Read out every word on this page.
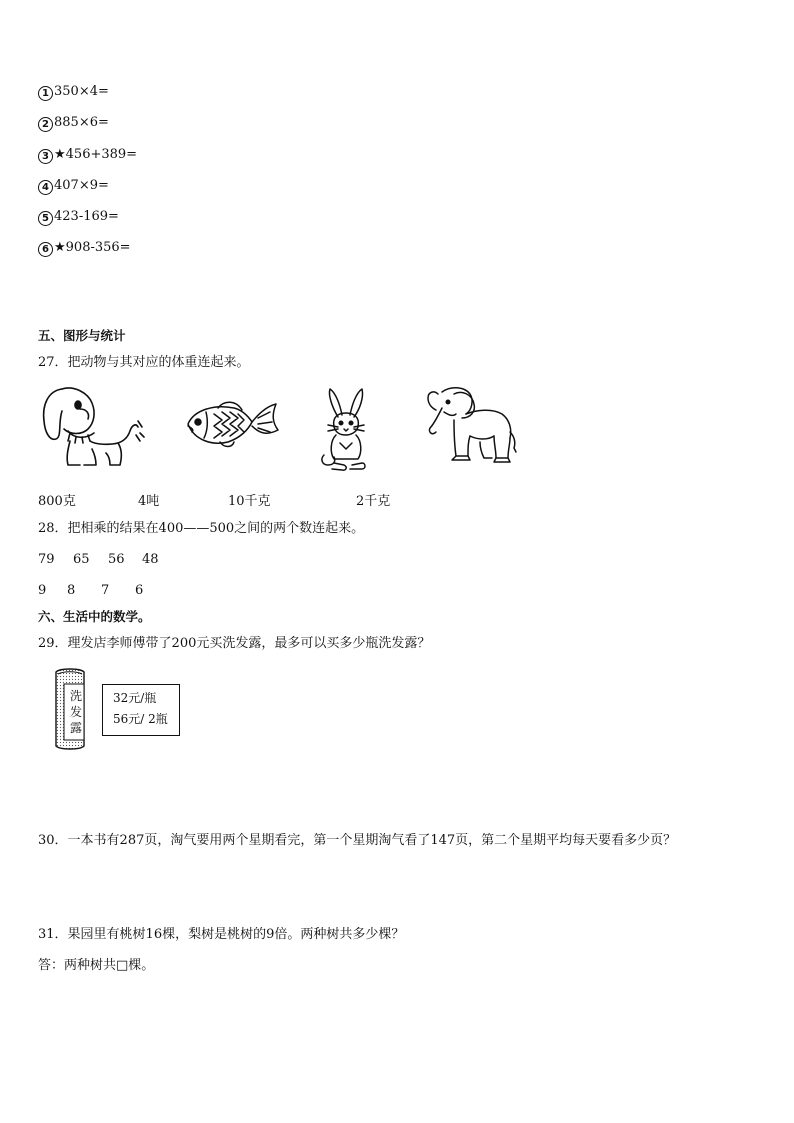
1 350×4=
2 885×6=
3 ★456+389=
4 407×9=
5 423-169=
6 ★908-356=
五、图形与统计
27．把动物与其对应的体重连起来。
800克	4吨	10千克	2千克
28．把相乘的结果在400——500之间的两个数连起来。
79 65 56 48
9 8 7 6
六、生活中的数学。
29．理发店李师傅带了200元买洗发露，最多可以买多少瓶洗发露？
洗
发
露
32元/瓶
56元/ 2瓶
30．一本书有287页，淘气要用两个星期看完，第一个星期淘气看了147页，第二个星期平均每天要看多少页？
31．果园里有桃树16棵，梨树是桃树的9倍。两种树共多少棵？
答：两种树共□棵。
